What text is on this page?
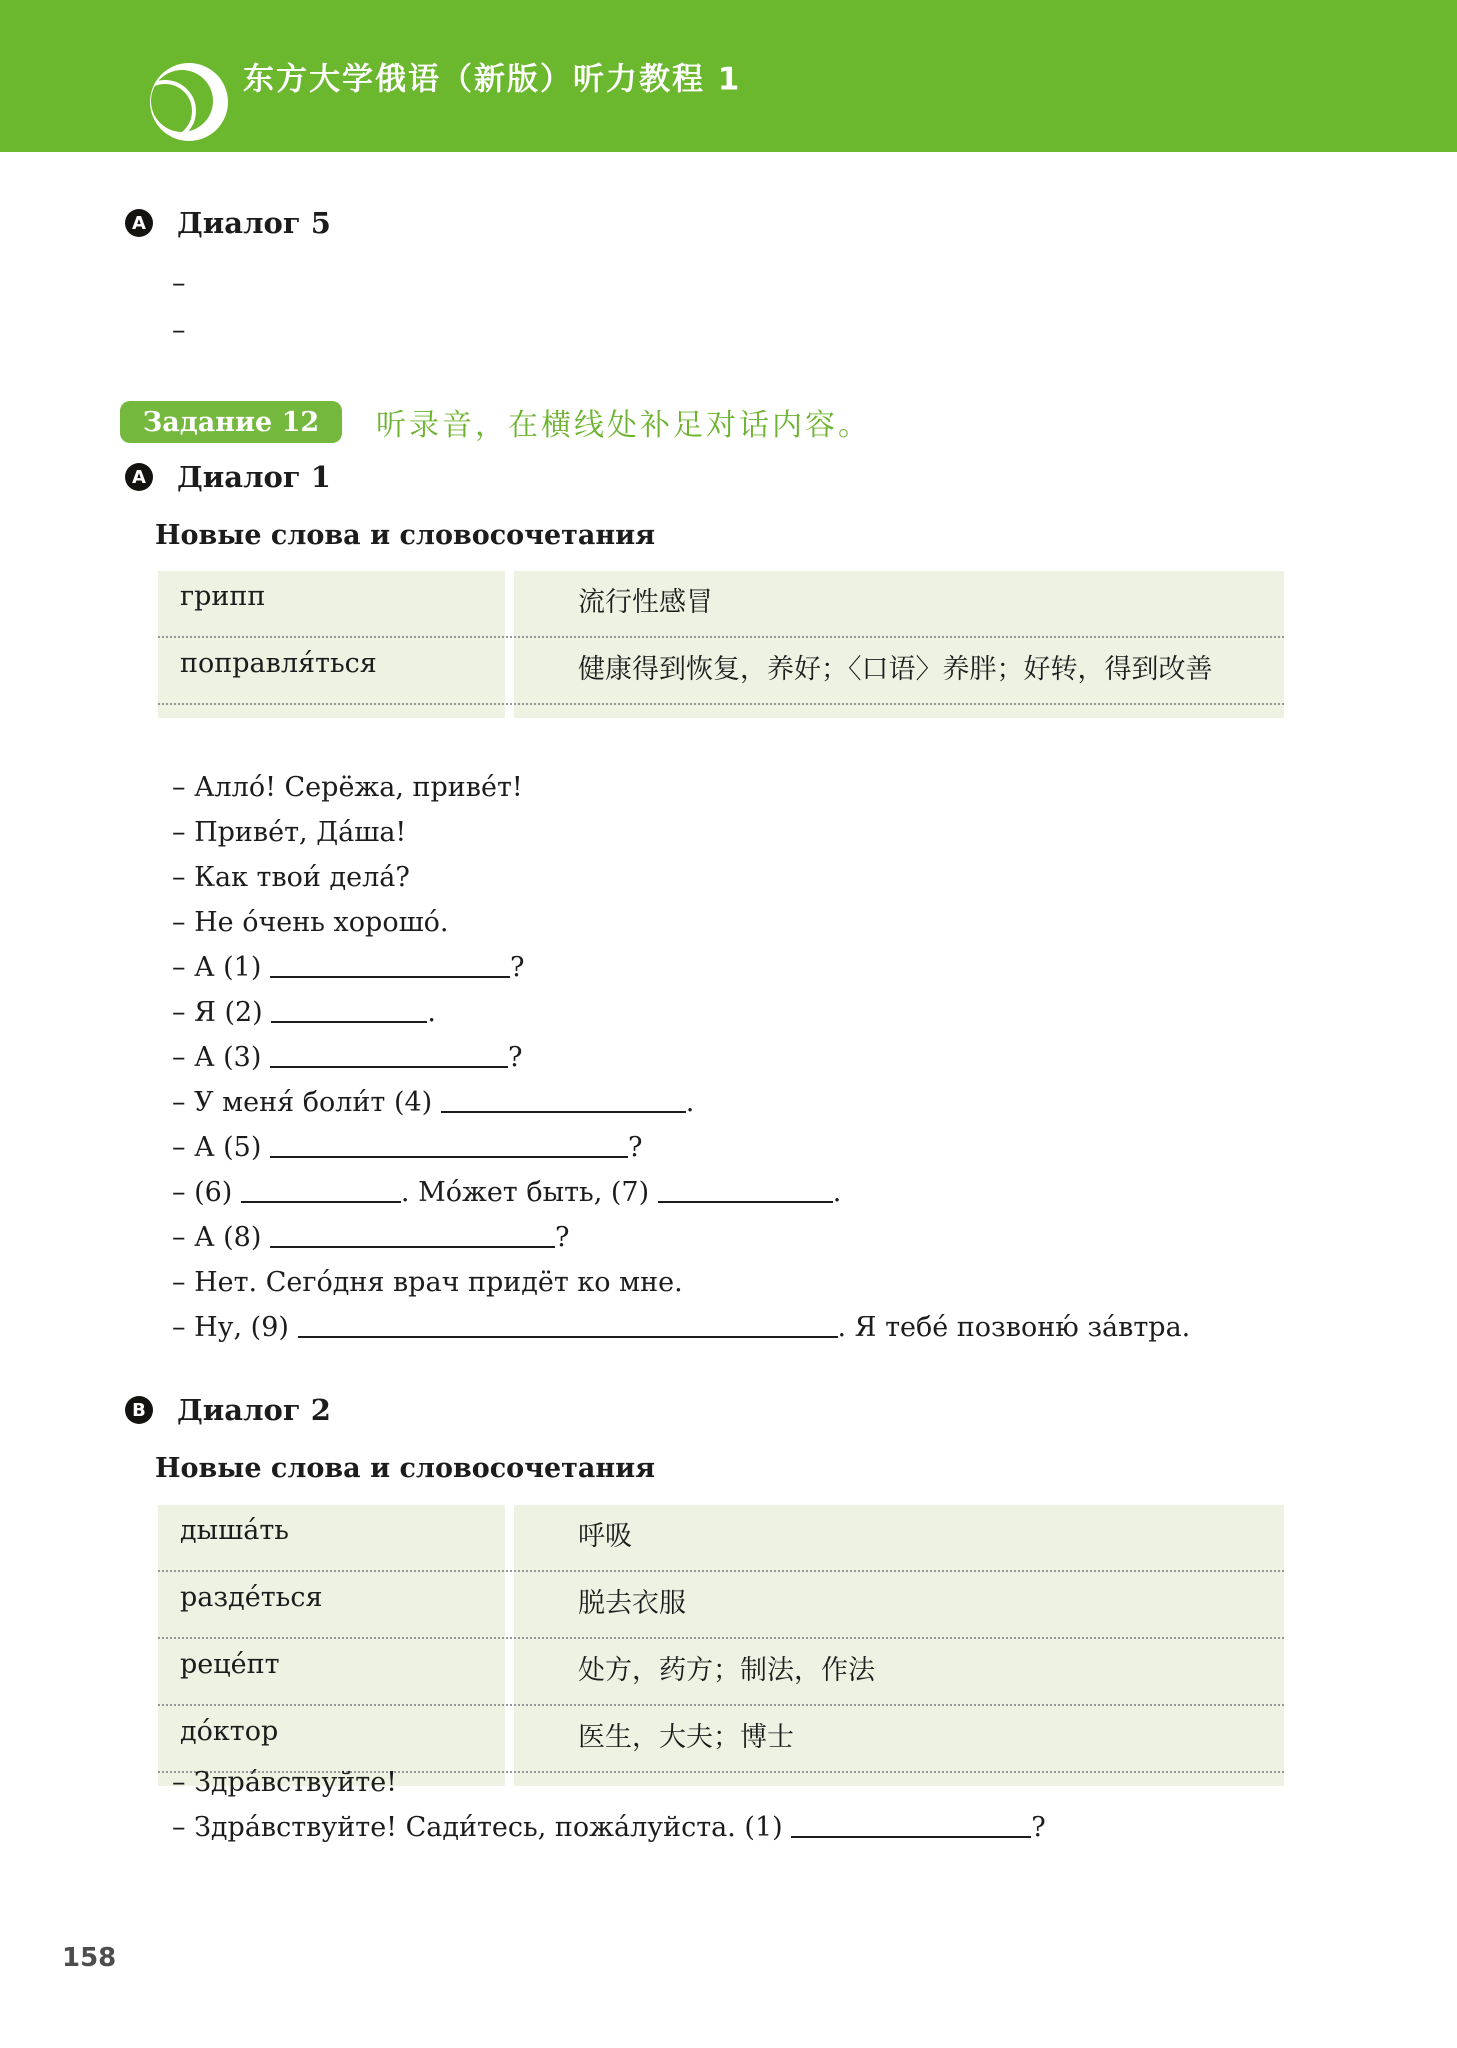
东方大学俄语（新版）听力教程 1
A Диалог 5
–
–
Задание 12	听录音，在横线处补足对话内容。
A Диалог 1
Новые слова и словосочетания
грипп	流行性感冒
поправля́ться	健康得到恢复，养好；〈口语〉养胖；好转，得到改善
– Алло́! Серёжа, приве́т!
– Приве́т, Да́ша!
– Как твои́ дела́?
– Не о́чень хорошо́.
– А (1)	?
– Я (2)	.
– А (3)	?
– У меня́ боли́т (4)	.
– А (5)	?
– (6)	. Мо́жет быть, (7)	.
– А (8)	?
– Нет. Сего́дня врач придёт ко мне.
– Ну, (9)	. Я тебе́ позвоню́ за́втра.
B Диалог 2
Новые слова и словосочетания
дыша́ть	呼吸
разде́ться	脱去衣服
реце́пт	处方，药方；制法，作法
до́ктор	医生，大夫；博士
– Здра́вствуйте!
– Здра́вствуйте! Сади́тесь, пожа́луйста. (1)	?
158
